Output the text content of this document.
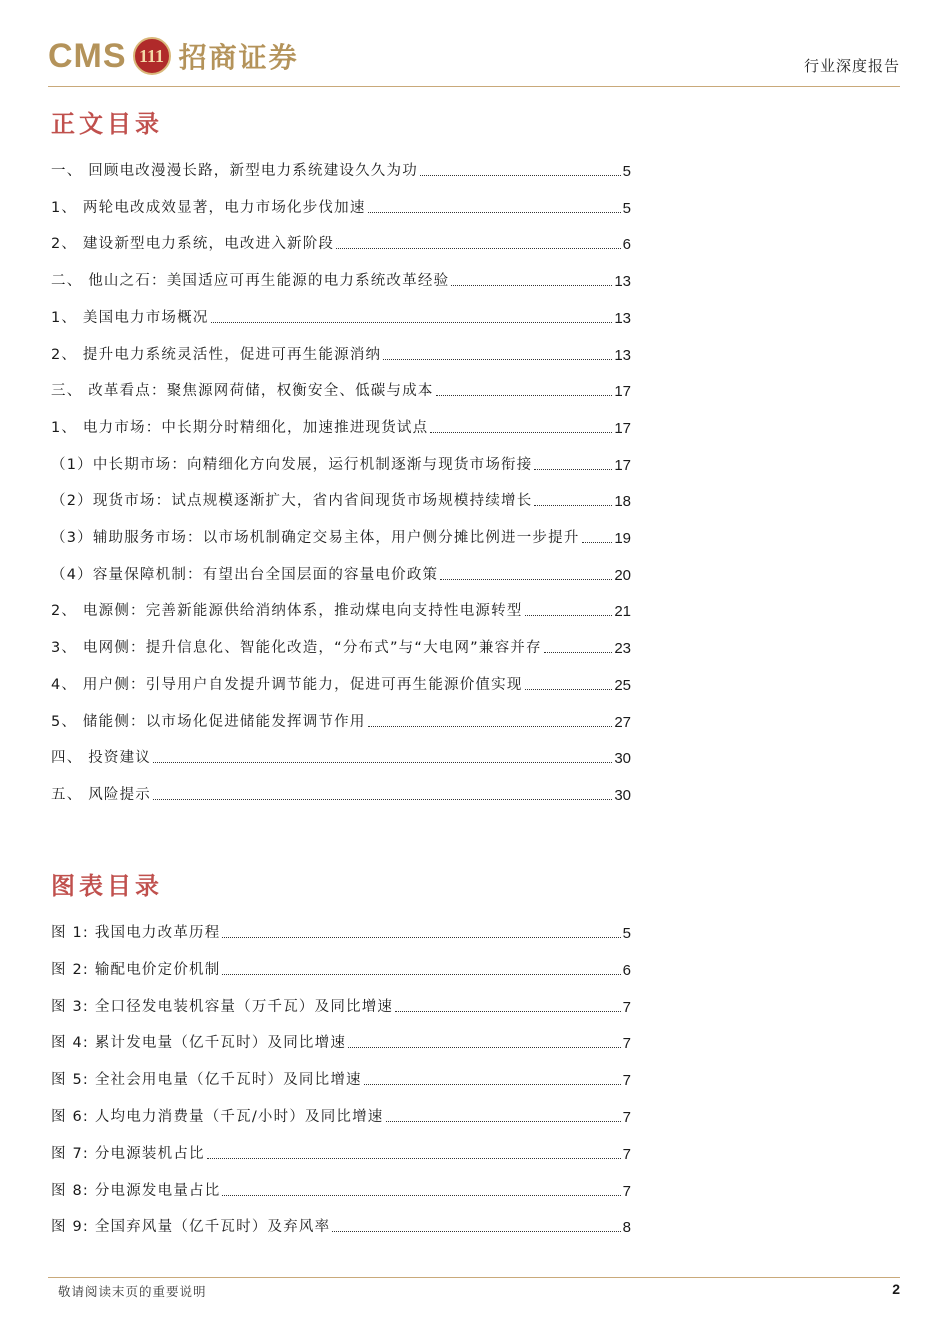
CMS 111 招商证券	行业深度报告
正文目录
图表目录
敬请阅读末页的重要说明	2
一、 回顾电改漫漫长路，新型电力系统建设久久为功	5
1、 两轮电改成效显著，电力市场化步伐加速	5
2、 建设新型电力系统，电改进入新阶段	6
二、 他山之石：美国适应可再生能源的电力系统改革经验	13
1、 美国电力市场概况	13
2、 提升电力系统灵活性，促进可再生能源消纳	13
三、 改革看点：聚焦源网荷储，权衡安全、低碳与成本	17
1、 电力市场：中长期分时精细化，加速推进现货试点	17
（1）中长期市场：向精细化方向发展，运行机制逐渐与现货市场衔接	17
（2）现货市场：试点规模逐渐扩大，省内省间现货市场规模持续增长	18
（3）辅助服务市场：以市场机制确定交易主体，用户侧分摊比例进一步提升 19
（4）容量保障机制：有望出台全国层面的容量电价政策	20
2、 电源侧：完善新能源供给消纳体系，推动煤电向支持性电源转型	21
3、 电网侧：提升信息化、智能化改造，“分布式”与“大电网”兼容并存	23
4、 用户侧：引导用户自发提升调节能力，促进可再生能源价值实现	25
5、 储能侧：以市场化促进储能发挥调节作用	27
四、 投资建议	30
五、 风险提示	30
图 1: 我国电力改革历程	5
图 2: 输配电价定价机制	6
图 3: 全口径发电装机容量（万千瓦）及同比增速	7
图 4: 累计发电量（亿千瓦时）及同比增速	7
图 5: 全社会用电量（亿千瓦时）及同比增速	7
图 6: 人均电力消费量（千瓦/小时）及同比增速	7
图 7: 分电源装机占比	7
图 8: 分电源发电量占比	7
图 9: 全国弃风量（亿千瓦时）及弃风率	8
